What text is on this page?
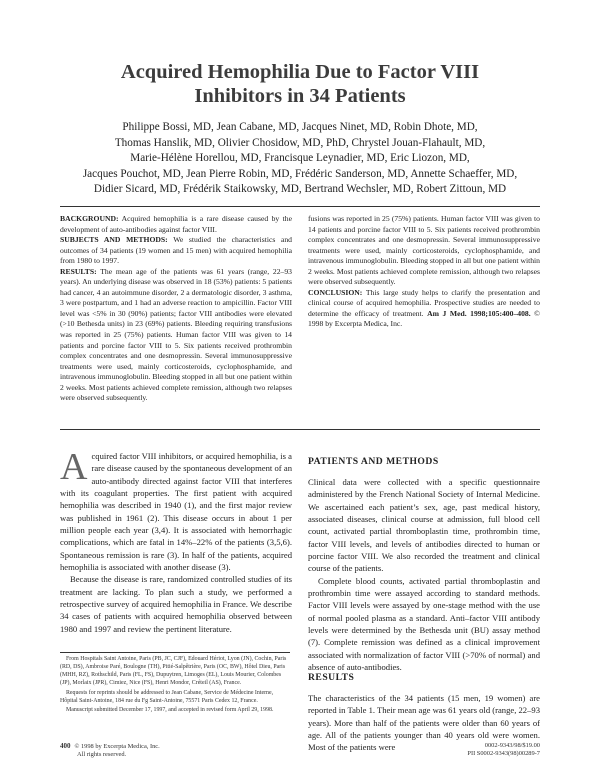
Acquired Hemophilia Due to Factor VIII
Inhibitors in 34 Patients
Philippe Bossi, MD, Jean Cabane, MD, Jacques Ninet, MD, Robin Dhote, MD,
Thomas Hanslik, MD, Olivier Chosidow, MD, PhD, Chrystel Jouan-Flahault, MD,
Marie-Hélène Horellou, MD, Francisque Leynadier, MD, Eric Liozon, MD,
Jacques Pouchot, MD, Jean Pierre Robin, MD, Frédéric Sanderson, MD, Annette Schaeffer, MD,
Didier Sicard, MD, Frédérik Staikowsky, MD, Bertrand Wechsler, MD, Robert Zittoun, MD

BACKGROUND: Acquired hemophilia is a rare disease caused by the development of auto-antibodies against factor VIII.

SUBJECTS AND METHODS: We studied the characteristics and outcomes of 34 patients (19 women and 15 men) with acquired hemophilia from 1980 to 1997.

RESULTS: The mean age of the patients was 61 years (range, 22–93 years). An underlying disease was observed in 18 (53%) patients: 5 patients had cancer, 4 an autoimmune disorder, 2 a dermatologic disorder, 3 asthma, 3 were postpartum, and 1 had an adverse reaction to ampicillin. Factor VIII level was <5% in 30 (90%) patients; factor VIII antibodies were elevated (>10 Bethesda units) in 23 (69%) patients. Bleeding requiring transfusions was reported in 25 (75%) patients. Human factor VIII was given to 14 patients and porcine factor VIII to 5. Six patients received prothrombin complex concentrates and one desmopressin. Several immunosuppressive treatments were used, mainly corticosteroids, cyclophosphamide, and intravenous immunoglobulin. Bleeding stopped in all but one patient within 2 weeks. Most patients achieved complete remission, although two relapses were observed subsequently.

fusions was reported in 25 (75%) patients. Human factor VIII was given to 14 patients and porcine factor VIII to 5. Six patients received prothrombin complex concentrates and one desmopressin. Several immunosuppressive treatments were used, mainly corticosteroids, cyclophosphamide, and intravenous immunoglobulin. Bleeding stopped in all but one patient within 2 weeks. Most patients achieved complete remission, although two relapses were observed subsequently.

CONCLUSION: This large study helps to clarify the presentation and clinical course of acquired hemophilia. Prospective studies are needed to determine the efficacy of treatment. Am J Med. 1998;105:400–408. © 1998 by Excerpta Medica, Inc.

Acquired factor VIII inhibitors, or acquired hemophilia, is a rare disease caused by the spontaneous development of an auto-antibody directed against factor VIII that interferes with its coagulant properties. The first patient with acquired hemophilia was described in 1940 (1), and the first major review was published in 1961 (2). This disease occurs in about 1 per million people each year (3,4). It is associated with hemorrhagic complications, which are fatal in 14%–22% of the patients (3,5,6). Spontaneous remission is rare (3). In half of the patients, acquired hemophilia is associated with another disease (3).

Because the disease is rare, randomized controlled studies of its treatment are lacking. To plan such a study, we performed a retrospective survey of acquired hemophilia in France. We describe 34 cases of patients with acquired hemophilia observed between 1980 and 1997 and review the pertinent literature.

From Hospitals Saint Antoine, Paris (PB, JC, CJF), Edouard Hériot, Lyon (JN), Cochin, Paris (RD, DS), Ambroise Paré, Boulogne (TH), Pitié-Salpêtrière, Paris (OC, BW), Hôtel Dieu, Paris (MHH, RZ), Rothschild, Paris (FL, FS), Dupuytren, Limoges (EL), Louis Mourier, Colombes (JP), Morlaix (JPR), Cimiez, Nice (FS), Henri Mondor, Créteil (AS), France.

Requests for reprints should be addressed to Jean Cabane, Service de Médecine Interne, Hôpital Saint-Antoine, 184 rue du Fg Saint-Antoine, 75571 Paris Cedex 12, France.

Manuscript submitted December 17, 1997, and accepted in revised form April 29, 1998.

PATIENTS AND METHODS

Clinical data were collected with a specific questionnaire administered by the French National Society of Internal Medicine. We ascertained each patient’s sex, age, past medical history, associated diseases, clinical course at admission, full blood cell count, activated partial thromboplastin time, prothrombin time, factor VIII levels, and levels of antibodies directed to human or porcine factor VIII. We also recorded the treatment and clinical course of the patients.

Complete blood counts, activated partial thromboplastin and prothrombin time were assayed according to standard methods. Factor VIII levels were assayed by one-stage method with the use of normal pooled plasma as a standard. Anti–factor VIII antibody levels were determined by the Bethesda unit (BU) assay method (7). Complete remission was defined as a clinical improvement associated with normalization of factor VIII (>70% of normal) and absence of auto-antibodies.

RESULTS

The characteristics of the 34 patients (15 men, 19 women) are reported in Table 1. Their mean age was 61 years old (range, 22–93 years). More than half of the patients were older than 60 years of age. All of the patients younger than 40 years old were women. Most of the patients were

400 © 1998 by Excerpta Medica, Inc.
All rights reserved.
0002-9343/98/$19.00
PII S0002-9343(98)00289-7
